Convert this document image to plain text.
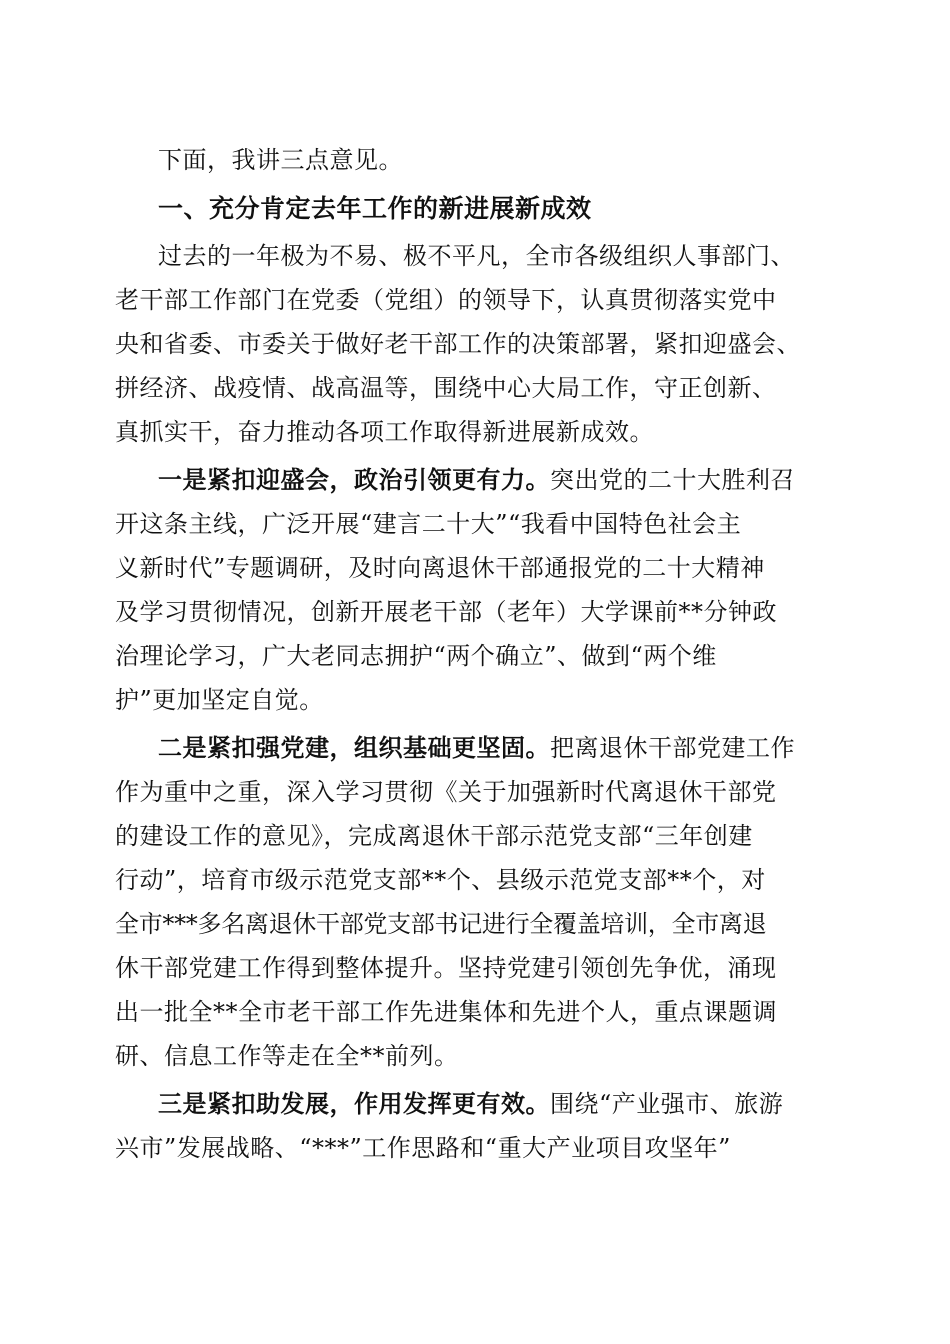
下面，我讲三点意见。
一、充分肯定去年工作的新进展新成效
过去的一年极为不易、极不平凡，全市各级组织人事部门、
老干部工作部门在党委（党组）的领导下，认真贯彻落实党中
央和省委、市委关于做好老干部工作的决策部署，紧扣迎盛会、
拼经济、战疫情、战高温等，围绕中心大局工作，守正创新、
真抓实干，奋力推动各项工作取得新进展新成效。
一是紧扣迎盛会，政治引领更有力。突出党的二十大胜利召
开这条主线，广泛开展“建言二十大”“我看中国特色社会主
义新时代”专题调研，及时向离退休干部通报党的二十大精神
及学习贯彻情况，创新开展老干部（老年）大学课前**分钟政
治理论学习，广大老同志拥护“两个确立”、做到“两个维
护”更加坚定自觉。
二是紧扣强党建，组织基础更坚固。把离退休干部党建工作
作为重中之重，深入学习贯彻《关于加强新时代离退休干部党
的建设工作的意见》，完成离退休干部示范党支部“三年创建
行动”，培育市级示范党支部**个、县级示范党支部**个，对
全市***多名离退休干部党支部书记进行全覆盖培训，全市离退
休干部党建工作得到整体提升。坚持党建引领创先争优，涌现
出一批全**全市老干部工作先进集体和先进个人，重点课题调
研、信息工作等走在全**前列。
三是紧扣助发展，作用发挥更有效。围绕“产业强市、旅游
兴市”发展战略、“***”工作思路和“重大产业项目攻坚年”
